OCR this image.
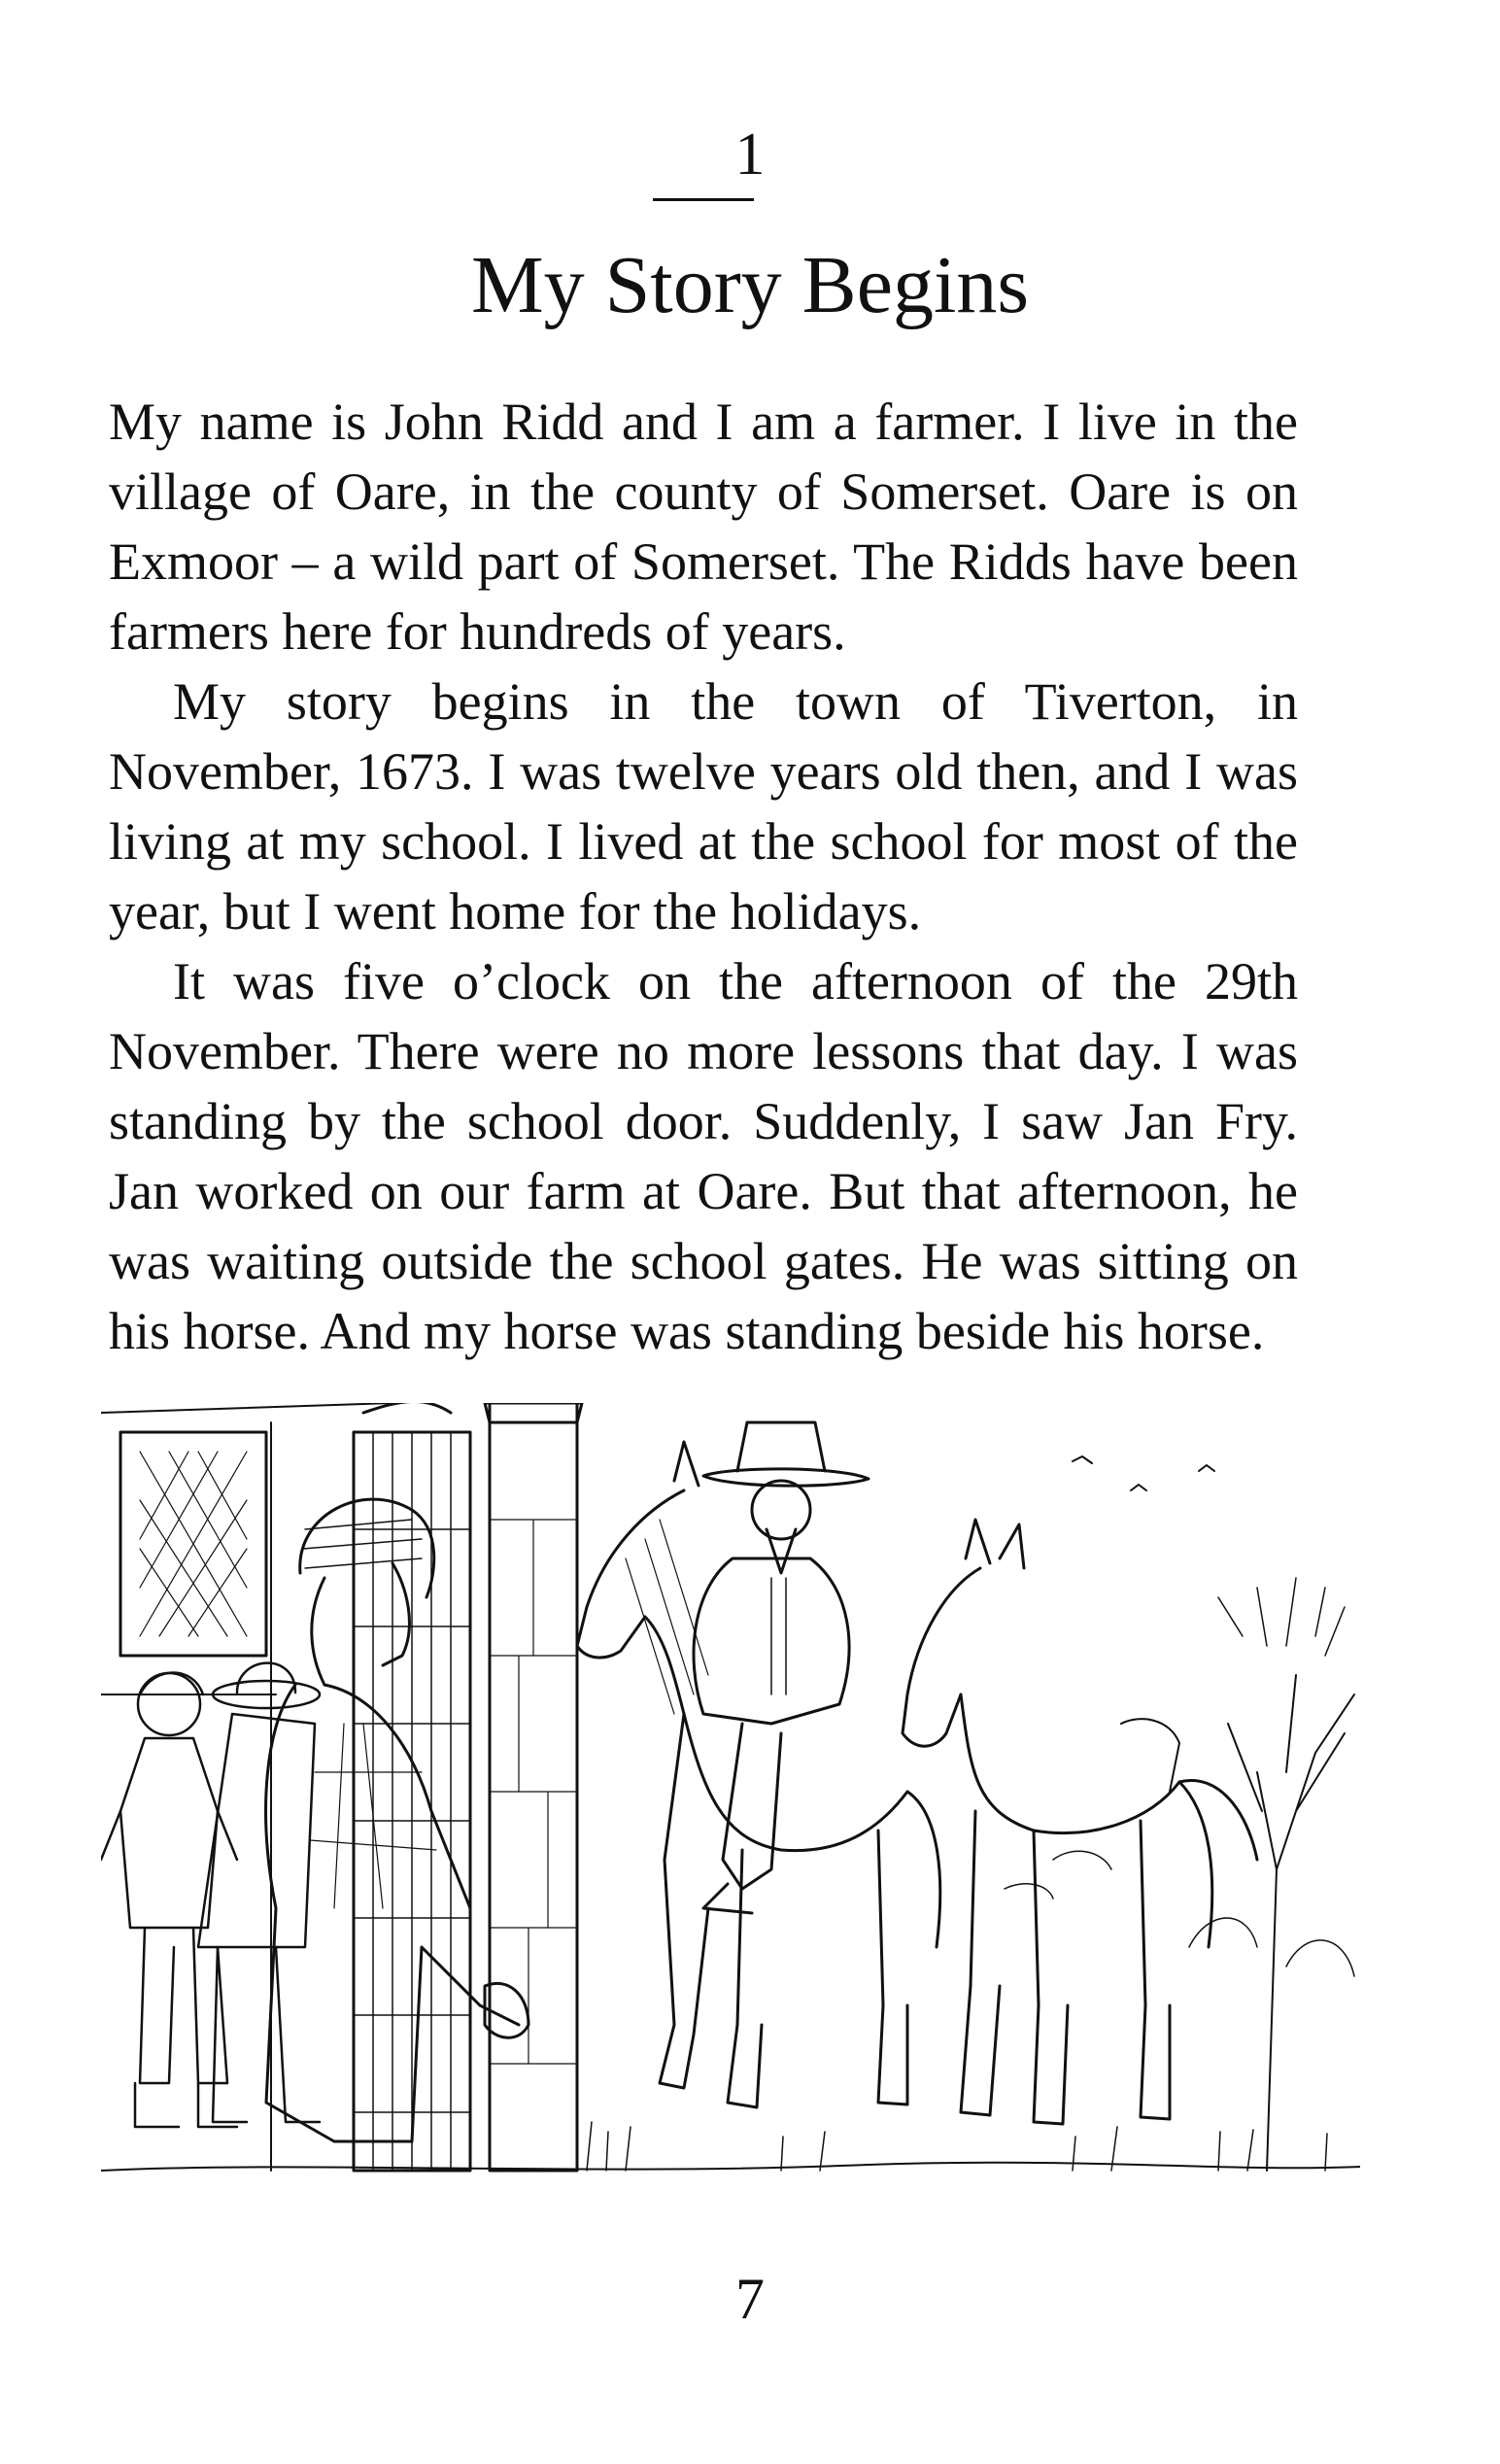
1
My Story Begins

My name is John Ridd and I am a farmer. I live in the village of Oare, in the county of Somerset. Oare is on Exmoor – a wild part of Somerset. The Ridds have been farmers here for hundreds of years.

My story begins in the town of Tiverton, in November, 1673. I was twelve years old then, and I was living at my school. I lived at the school for most of the year, but I went home for the holidays.

It was five o’clock on the afternoon of the 29th November. There were no more lessons that day. I was standing by the school door. Suddenly, I saw Jan Fry. Jan worked on our farm at Oare. But that afternoon, he was waiting outside the school gates. He was sitting on his horse. And my horse was standing beside his horse.

7
